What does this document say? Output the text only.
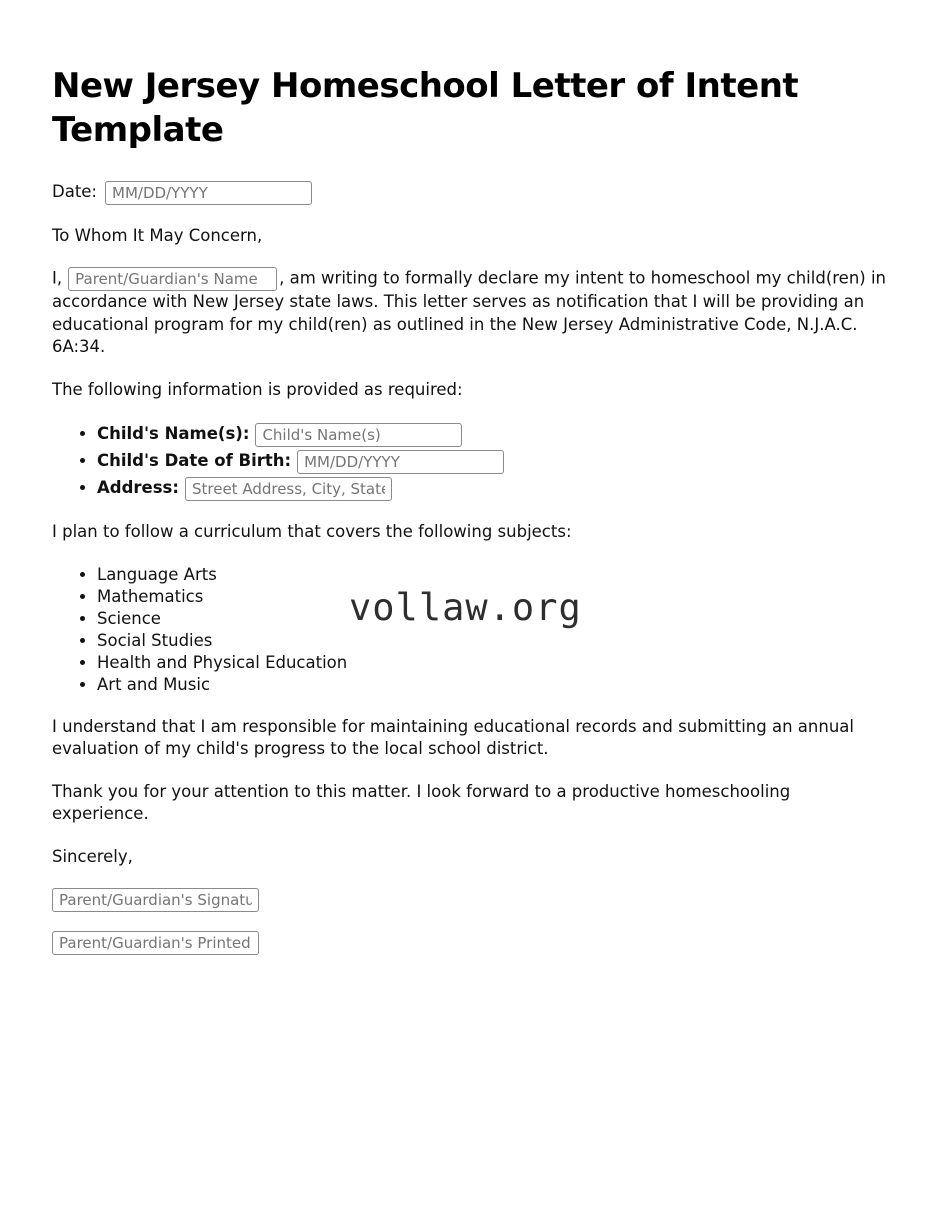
New Jersey Homeschool Letter of Intent Template
Date:MM/DD/YYYY

To Whom It May Concern,

I,Parent/Guardian's Name	, am writing to formally declare my intent to homeschool my child(ren) in accordance with New Jersey state laws. This letter serves as notification that I will be providing an educational program for my child(ren) as outlined in the New Jersey Administrative Code, N.J.A.C. 6A:34.

The following information is provided as required:

• Child's Name(s):Child's Name(s)
• Child's Date of Birth:MM/DD/YYYY
• Address:Street Address, City, State

I plan to follow a curriculum that covers the following subjects:

• Language Arts
• Mathematics
• Science
• Social Studies
• Health and Physical Education
• Art and Music

I understand that I am responsible for maintaining educational records and submitting an annual evaluation of my child's progress to the local school district.

Thank you for your attention to this matter. I look forward to a productive homeschooling experience.

Sincerely,

Parent/Guardian's Signature
Parent/Guardian's Printed Name
vollaw.org
